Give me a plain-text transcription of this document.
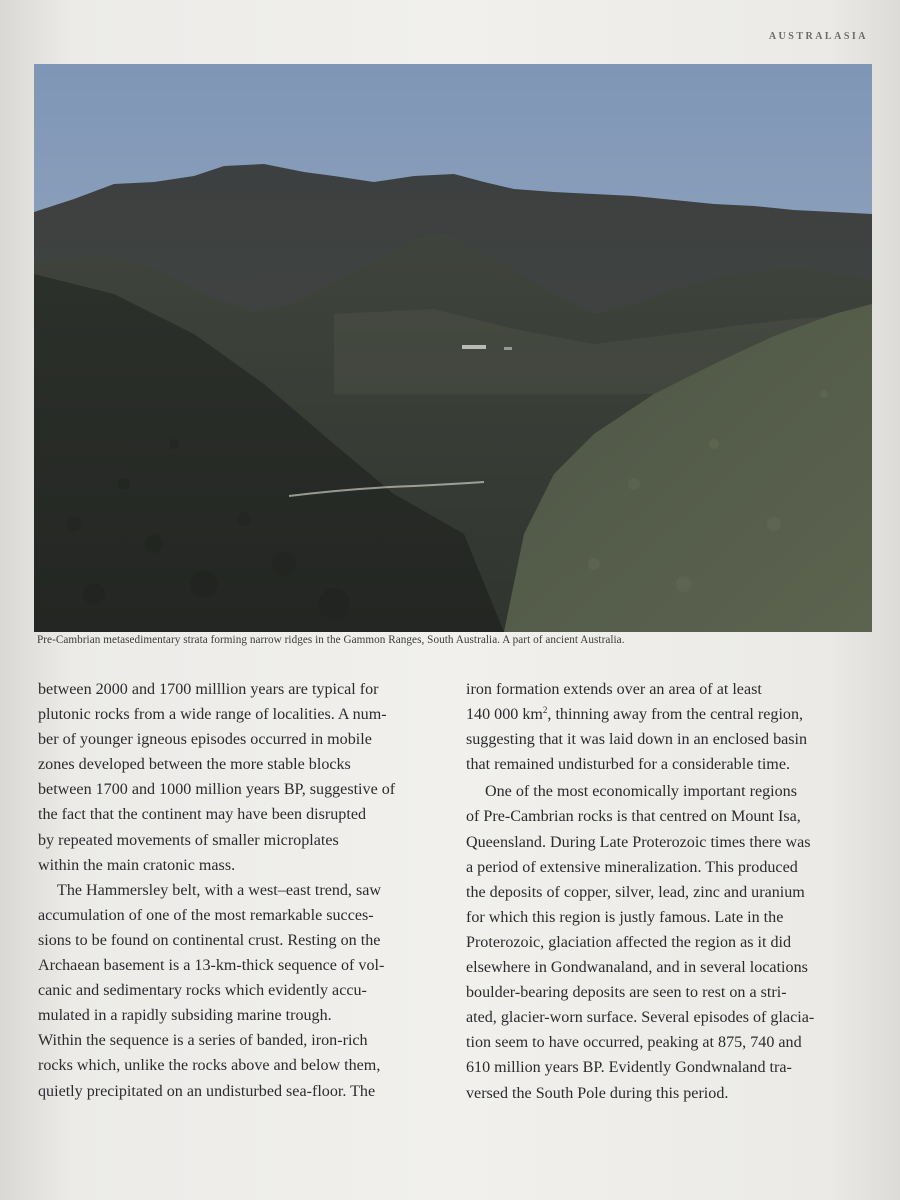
AUSTRALASIA
Pre-Cambrian metasedimentary strata forming narrow ridges in the Gammon Ranges, South Australia. A part of ancient Australia.

between 2000 and 1700 milllion years are typical for
plutonic rocks from a wide range of localities. A num-
ber of younger igneous episodes occurred in mobile
zones developed between the more stable blocks
between 1700 and 1000 million years BP, suggestive of
the fact that the continent may have been disrupted
by repeated movements of smaller microplates
within the main cratonic mass.

The Hammersley belt, with a west–east trend, saw
accumulation of one of the most remarkable succes-
sions to be found on continental crust. Resting on the
Archaean basement is a 13-km-thick sequence of vol-
canic and sedimentary rocks which evidently accu-
mulated in a rapidly subsiding marine trough.
Within the sequence is a series of banded, iron-rich
rocks which, unlike the rocks above and below them,
quietly precipitated on an undisturbed sea-floor. The

iron formation extends over an area of at least
140 000 $km^2$, thinning away from the central region,
suggesting that it was laid down in an enclosed basin
that remained undisturbed for a considerable time.

One of the most economically important regions
of Pre-Cambrian rocks is that centred on Mount Isa,
Queensland. During Late Proterozoic times there was
a period of extensive mineralization. This produced
the deposits of copper, silver, lead, zinc and uranium
for which this region is justly famous. Late in the
Proterozoic, glaciation affected the region as it did
elsewhere in Gondwanaland, and in several locations
boulder-bearing deposits are seen to rest on a stri-
ated, glacier-worn surface. Several episodes of glacia-
tion seem to have occurred, peaking at 875, 740 and
610 million years BP. Evidently Gondwnaland tra-
versed the South Pole during this period.
